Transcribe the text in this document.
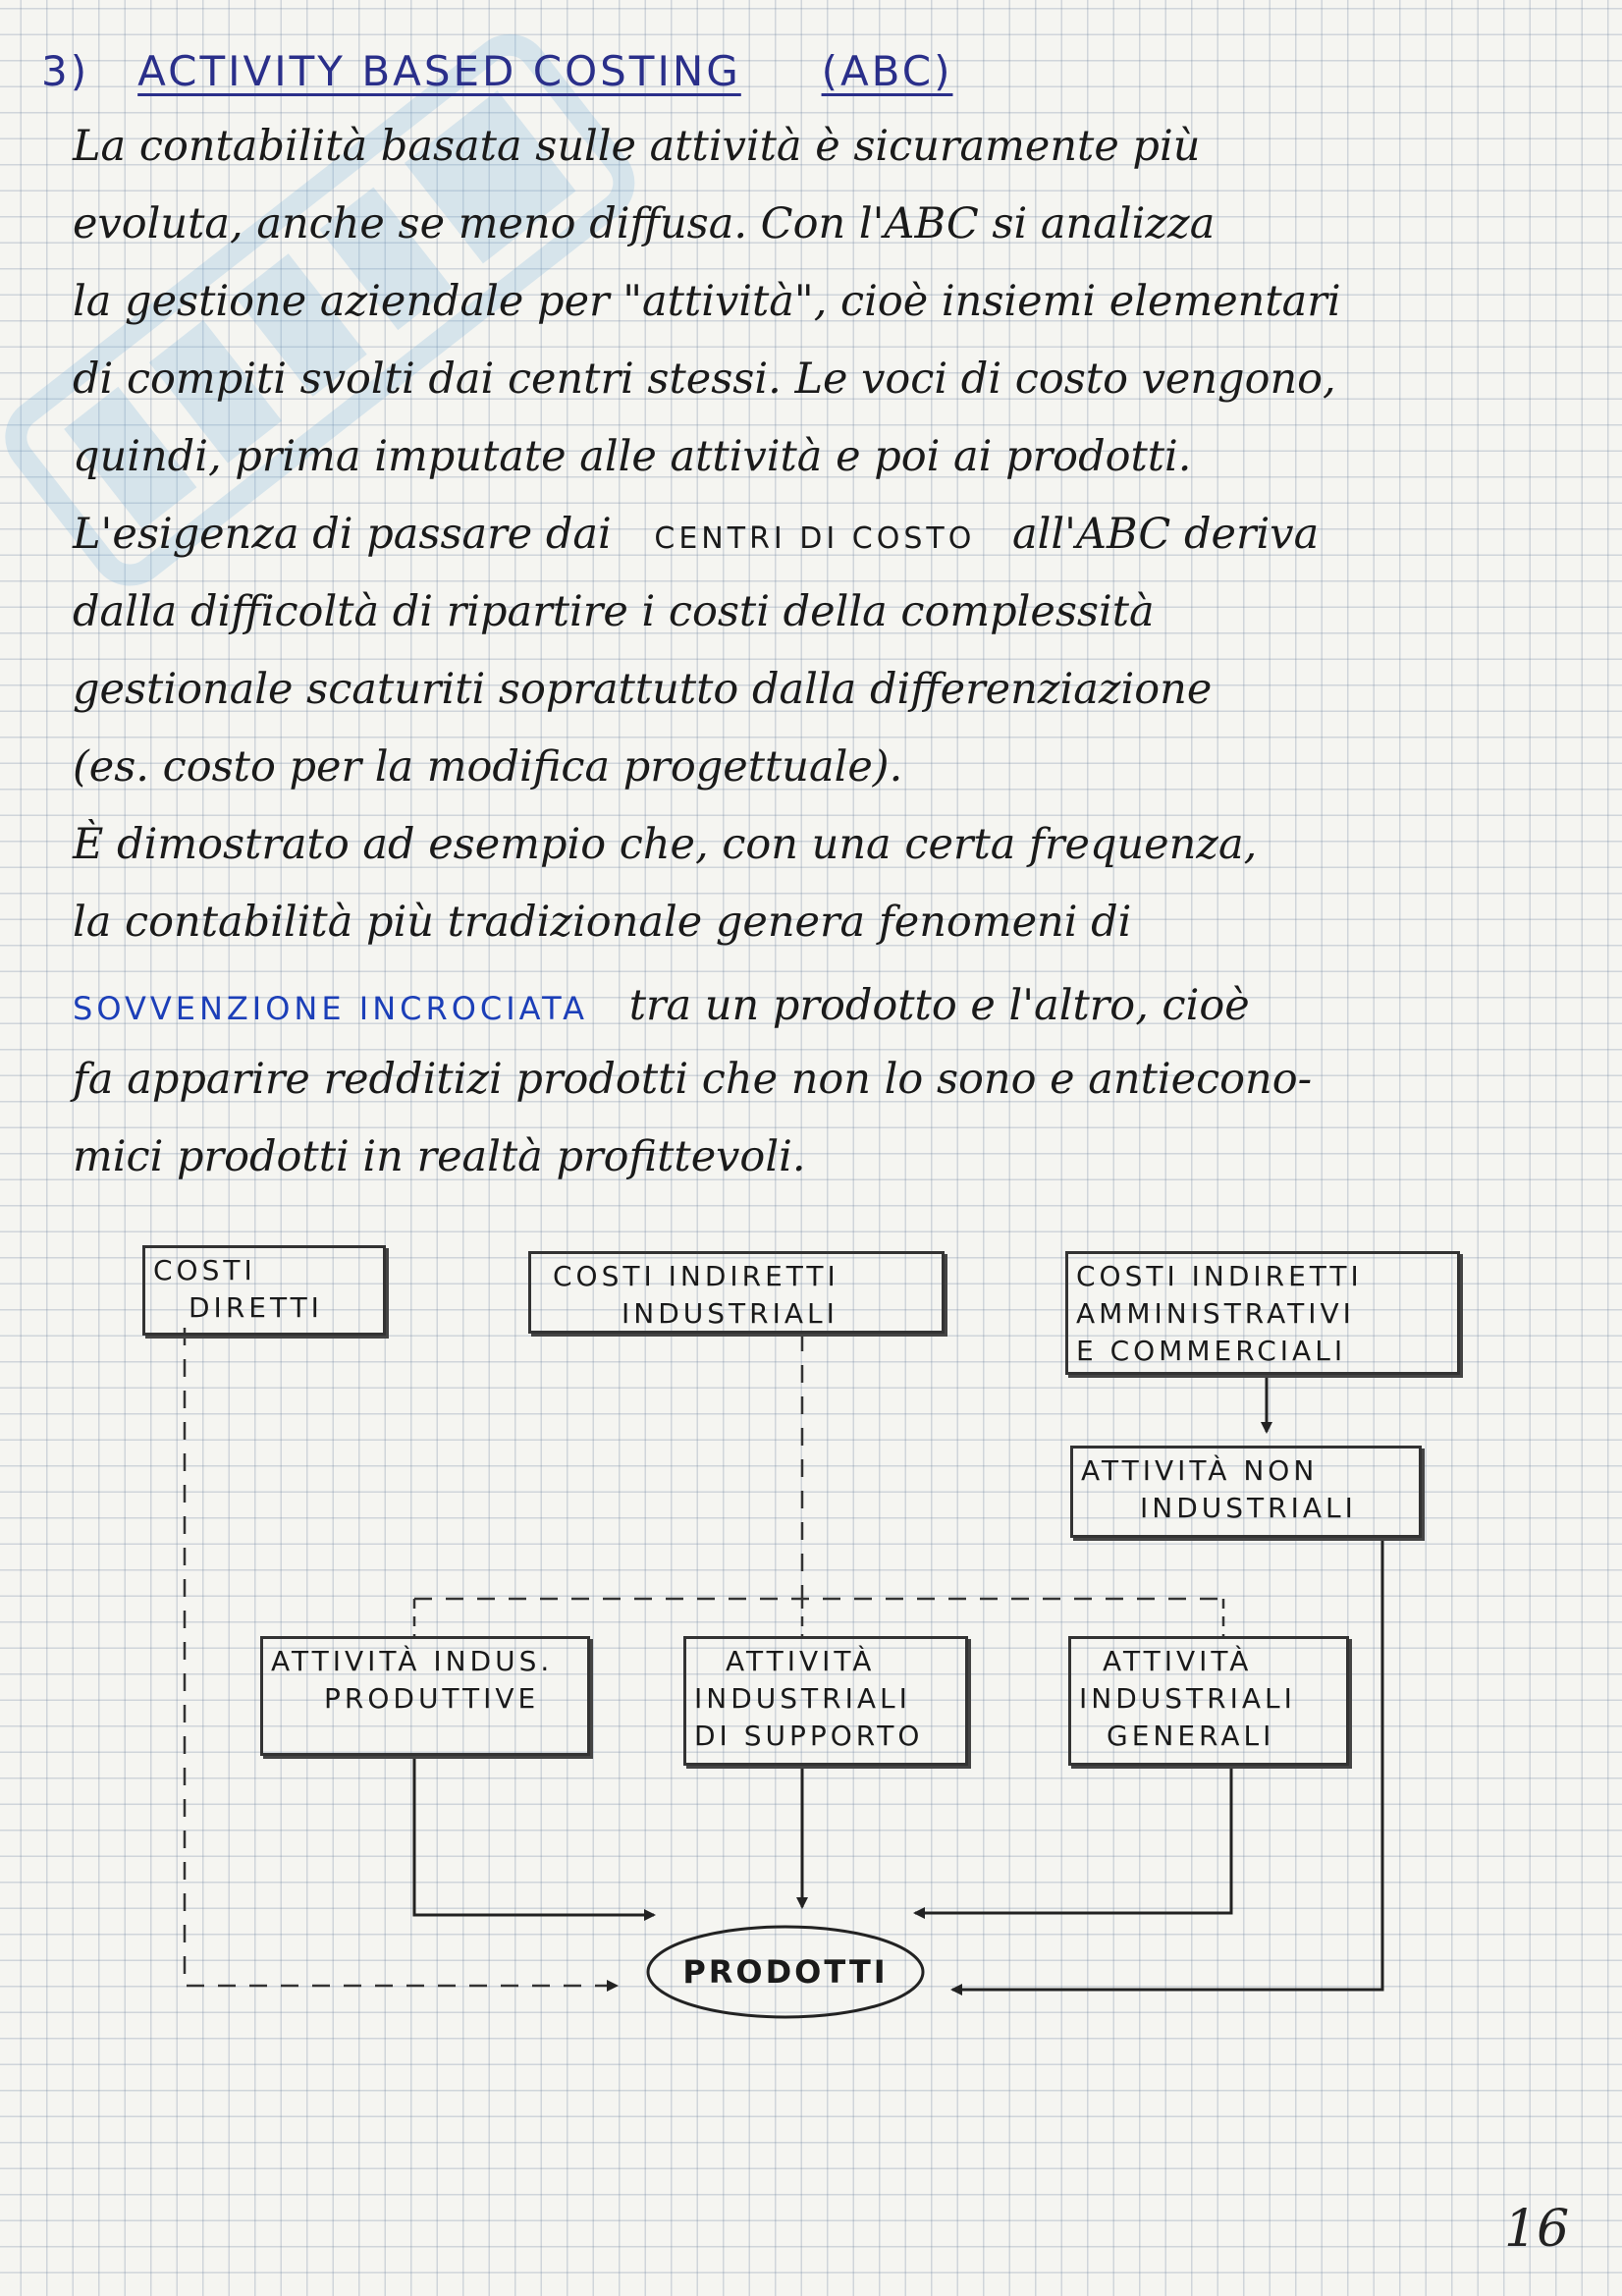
3) ACTIVITY BASED COSTING (ABC)
La contabilità basata sulle attività è sicuramente più
evoluta, anche se meno diffusa. Con l'ABC si analizza
la gestione aziendale per "attività", cioè insiemi elementari
di compiti svolti dai centri stessi. Le voci di costo vengono,
quindi, prima imputate alle attività e poi ai prodotti.
L'esigenza di passare dai CENTRI DI COSTO all'ABC deriva
dalla difficoltà di ripartire i costi della complessità
gestionale scaturiti soprattutto dalla differenziazione
(es. costo per la modifica progettuale).
È dimostrato ad esempio che, con una certa frequenza,
la contabilità più tradizionale genera fenomeni di
SOVVENZIONE INCROCIATA tra un prodotto e l'altro, cioè
fa apparire redditizi prodotti che non lo sono e antiecono-
mici prodotti in realtà profittevoli.
PRODOTTI
COSTI
DIRETTI
COSTI INDIRETTI
INDUSTRIALI
COSTI INDIRETTI
AMMINISTRATIVI
E COMMERCIALI
ATTIVITÀ NON
INDUSTRIALI
ATTIVITÀ INDUS.
PRODUTTIVE
ATTIVITÀ
INDUSTRIALI
DI SUPPORTO
ATTIVITÀ
INDUSTRIALI
GENERALI
16
